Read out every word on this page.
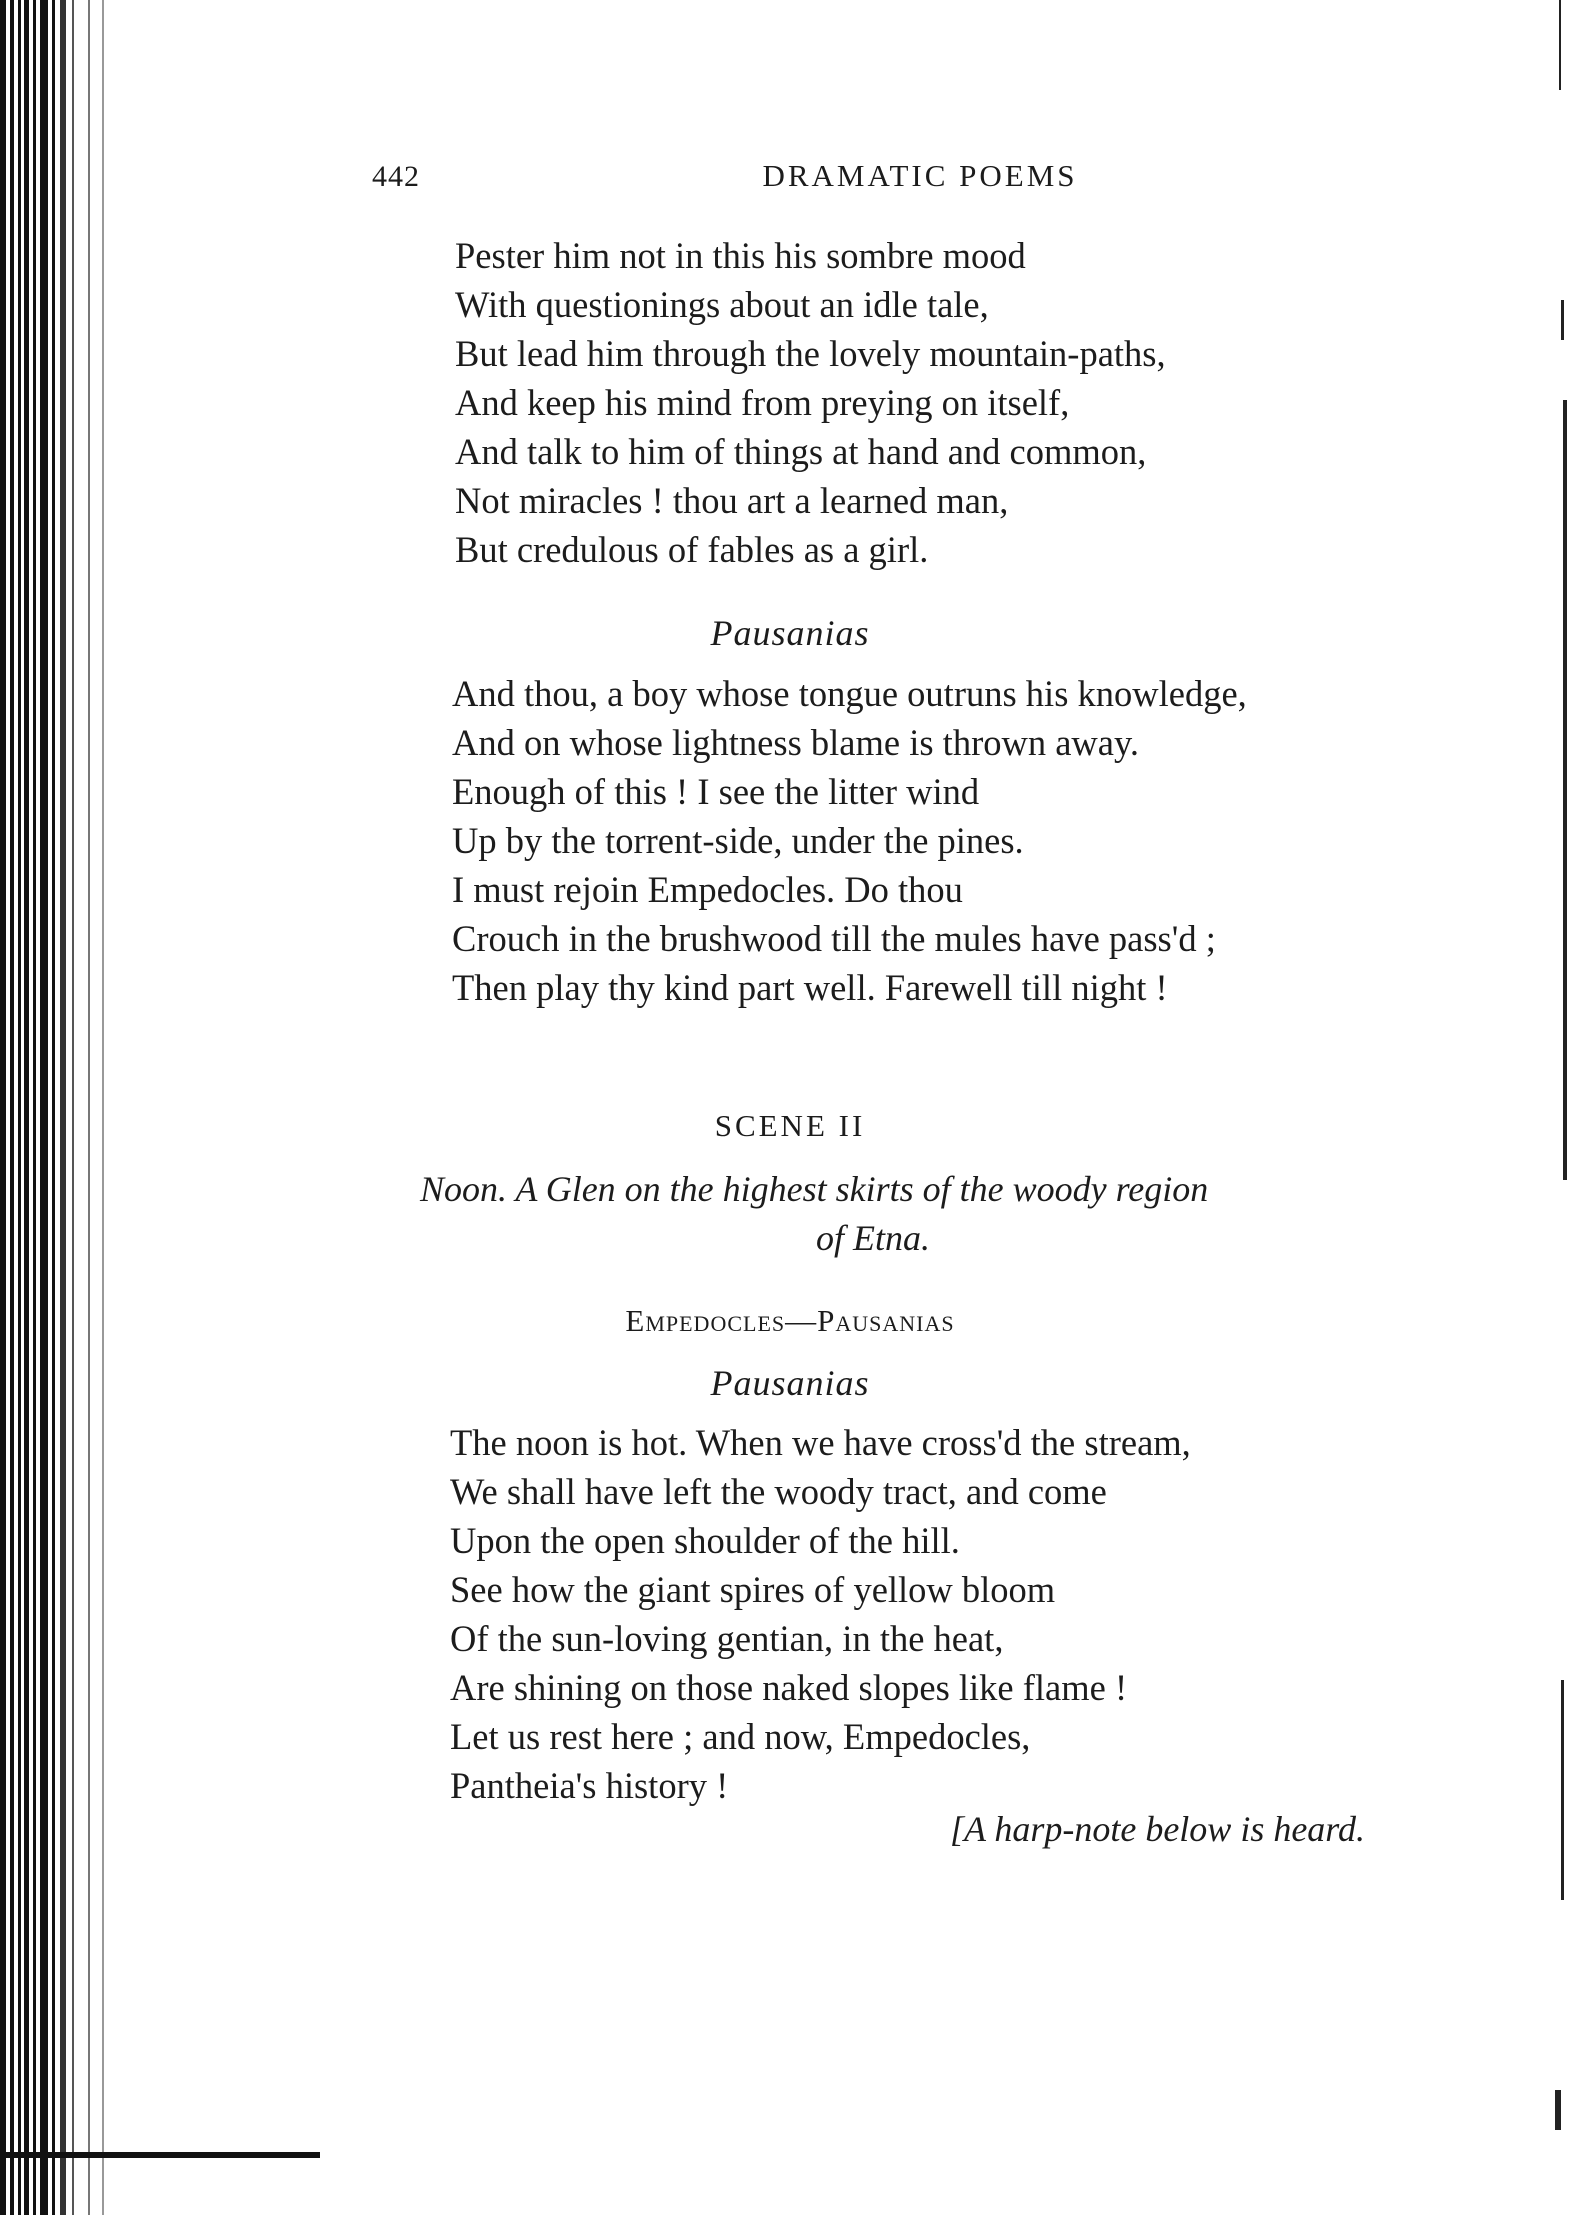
442	DRAMATIC POEMS
Pester him not in this his sombre mood
With questionings about an idle tale,
But lead him through the lovely mountain-paths,
And keep his mind from preying on itself,
And talk to him of things at hand and common,
Not miracles ! thou art a learned man,
But credulous of fables as a girl.
Pausanias
And thou, a boy whose tongue outruns his knowledge,
And on whose lightness blame is thrown away.
Enough of this ! I see the litter wind
Up by the torrent-side, under the pines.
I must rejoin Empedocles. Do thou
Crouch in the brushwood till the mules have pass'd ;
Then play thy kind part well. Farewell till night !
SCENE II
Noon. A Glen on the highest skirts of the woody region
of Etna.
Empedocles—Pausanias
Pausanias
The noon is hot. When we have cross'd the stream,
We shall have left the woody tract, and come
Upon the open shoulder of the hill.
See how the giant spires of yellow bloom
Of the sun-loving gentian, in the heat,
Are shining on those naked slopes like flame !
Let us rest here ; and now, Empedocles,
Pantheia's history !
[A harp-note below is heard.
